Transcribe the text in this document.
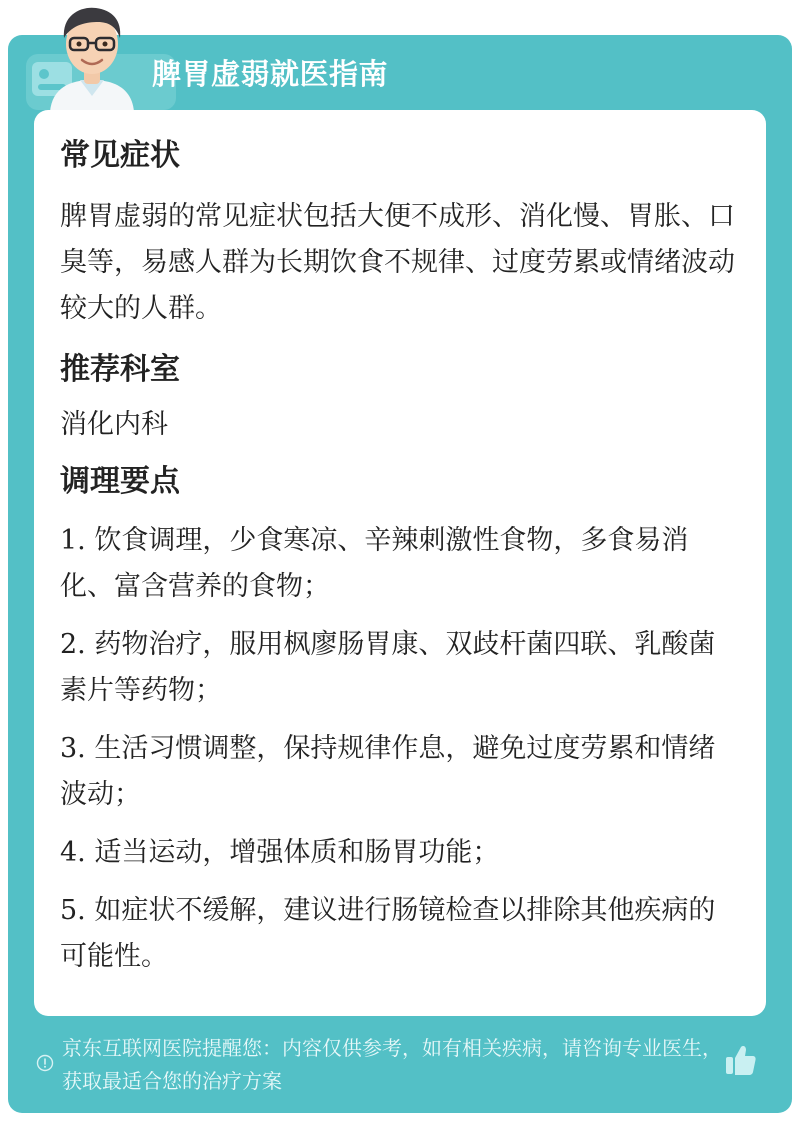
脾胃虚弱就医指南
常见症状

脾胃虚弱的常见症状包括大便不成形、消化慢、胃胀、口臭等，易感人群为长期饮食不规律、过度劳累或情绪波动较大的人群。

推荐科室

消化内科

调理要点

1. 饮食调理，少食寒凉、辛辣刺激性食物，多食易消化、富含营养的食物；

2. 药物治疗，服用枫廖肠胃康、双歧杆菌四联、乳酸菌素片等药物；

3. 生活习惯调整，保持规律作息，避免过度劳累和情绪波动；

4. 适当运动，增强体质和肠胃功能；

5. 如症状不缓解，建议进行肠镜检查以排除其他疾病的可能性。

京东互联网医院提醒您：内容仅供参考，如有相关疾病，请咨询专业医生，获取最适合您的治疗方案
